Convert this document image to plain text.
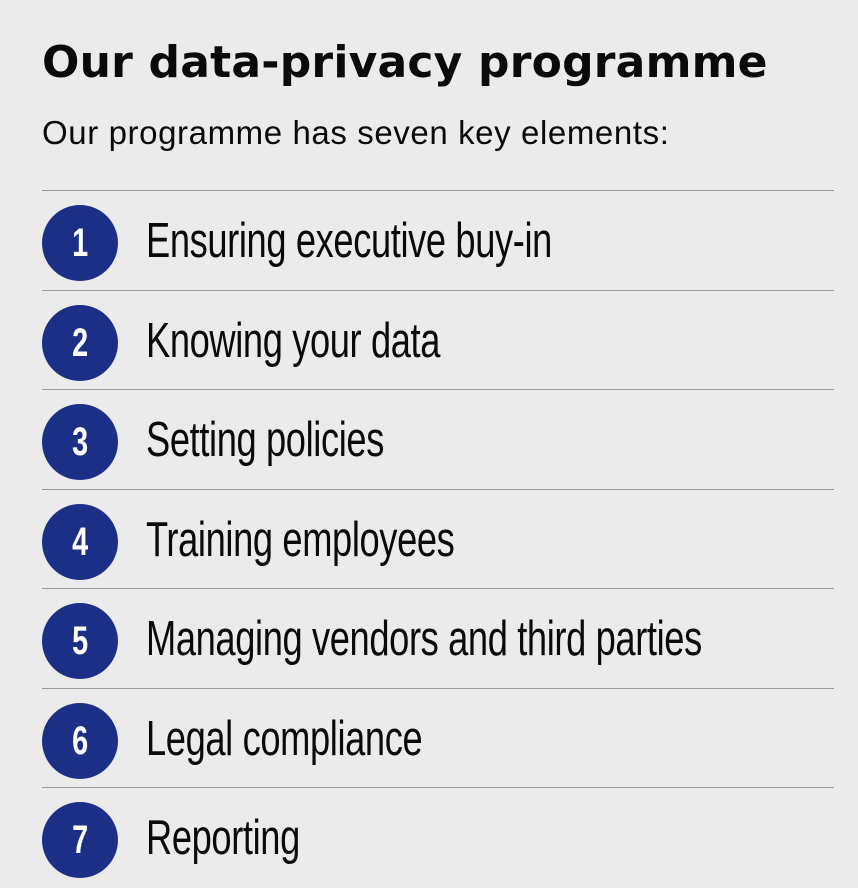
Our data-privacy programme

Our programme has seven key elements:

1 Ensuring executive buy-in
2 Knowing your data
3 Setting policies
4 Training employees
5 Managing vendors and third parties
6 Legal compliance
7 Reporting
